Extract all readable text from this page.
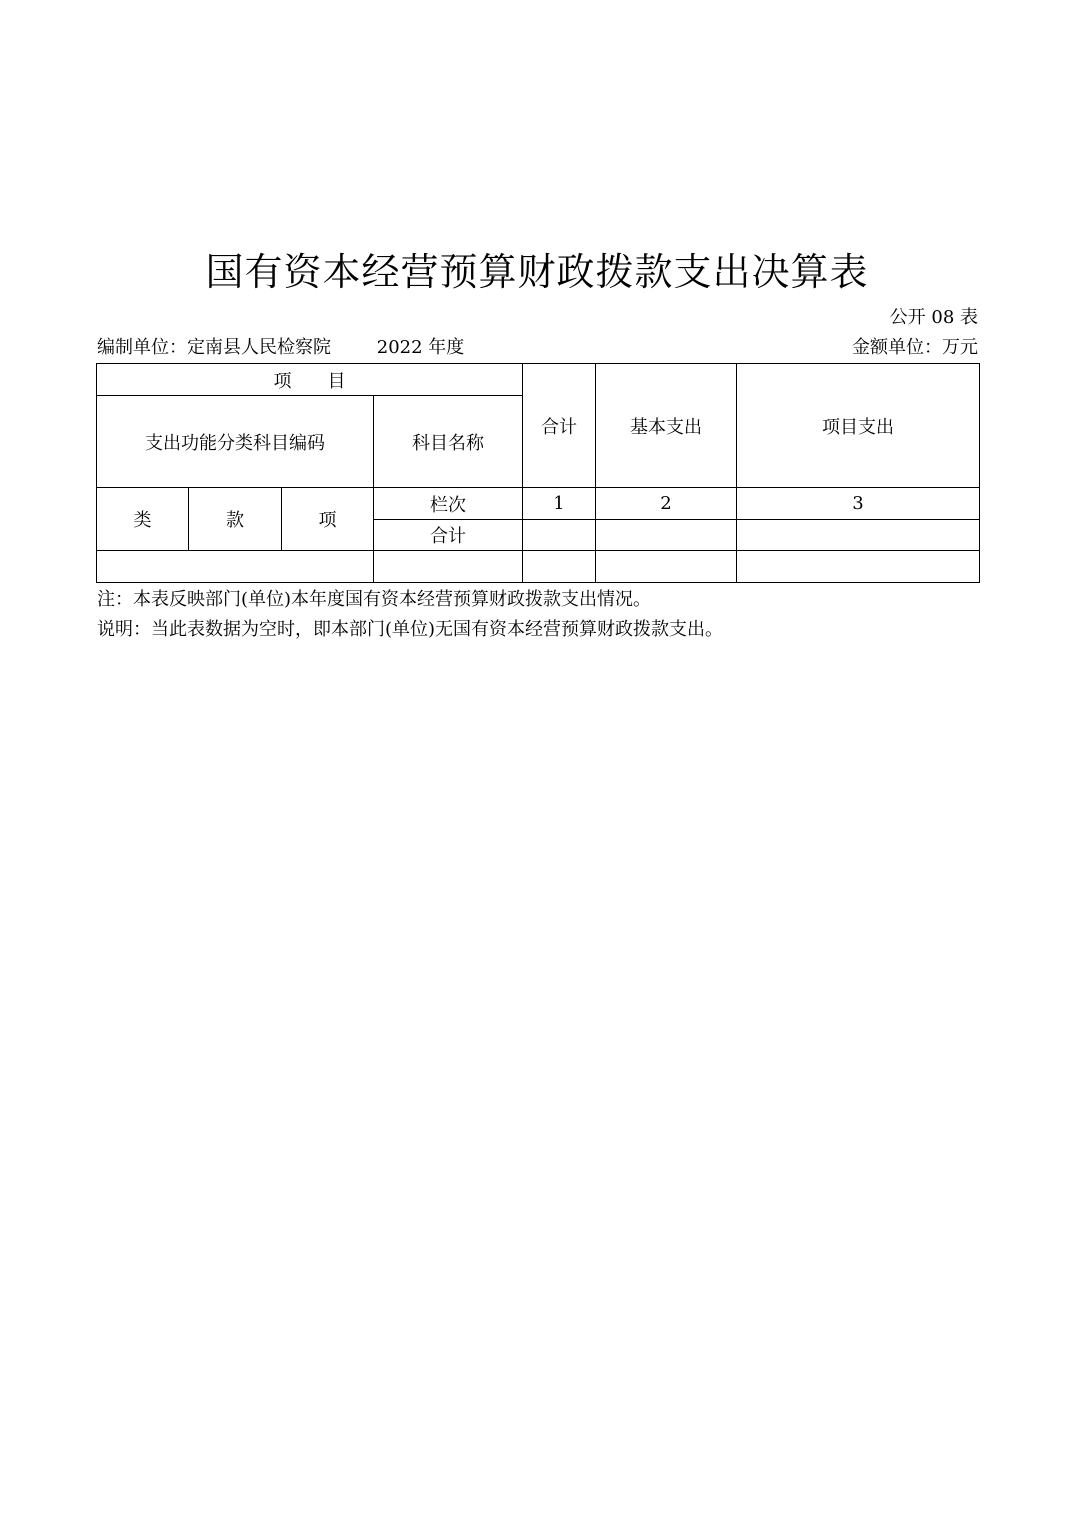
国有资本经营预算财政拨款支出决算表
公开 08 表
编制单位：定南县人民检察院	2022 年度	金额单位：万元
项　　目				合计	基本支出	项目支出
支出功能分类科目编码			科目名称			
类	款	项	栏次	1	2	3
			合计			

注：本表反映部门(单位)本年度国有资本经营预算财政拨款支出情况。
说明：当此表数据为空时，即本部门(单位)无国有资本经营预算财政拨款支出。
